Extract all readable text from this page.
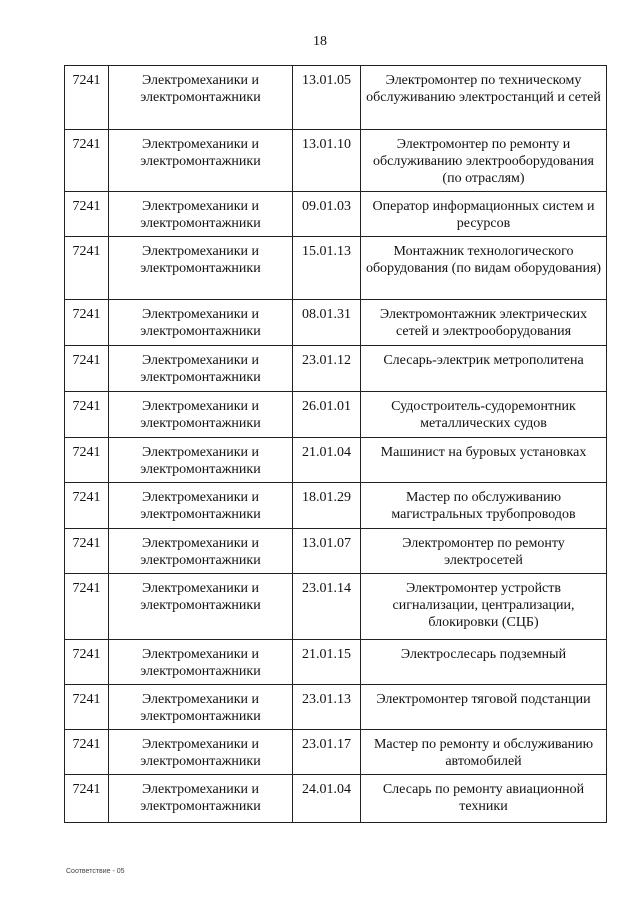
18
7241	Электромеханики и электромонтажники	13.01.05	Электромонтер по техническому обслуживанию электростанций и сетей
7241	Электромеханики и электромонтажники	13.01.10	Электромонтер по ремонту и обслуживанию электрооборудования (по отраслям)
7241	Электромеханики и электромонтажники	09.01.03	Оператор информационных систем и ресурсов
7241	Электромеханики и электромонтажники	15.01.13	Монтажник технологического оборудования (по видам оборудования)
7241	Электромеханики и электромонтажники	08.01.31	Электромонтажник электрических сетей и электрооборудования
7241	Электромеханики и электромонтажники	23.01.12	Слесарь-электрик метрополитена
7241	Электромеханики и электромонтажники	26.01.01	Судостроитель-судоремонтник металлических судов
7241	Электромеханики и электромонтажники	21.01.04	Машинист на буровых установках
7241	Электромеханики и электромонтажники	18.01.29	Мастер по обслуживанию магистральных трубопроводов
7241	Электромеханики и электромонтажники	13.01.07	Электромонтер по ремонту электросетей
7241	Электромеханики и электромонтажники	23.01.14	Электромонтер устройств сигнализации, централизации, блокировки (СЦБ)
7241	Электромеханики и электромонтажники	21.01.15	Электрослесарь подземный
7241	Электромеханики и электромонтажники	23.01.13	Электромонтер тяговой подстанции
7241	Электромеханики и электромонтажники	23.01.17	Мастер по ремонту и обслуживанию автомобилей
7241	Электромеханики и электромонтажники	24.01.04	Слесарь по ремонту авиационной техники
Соответствие - 05
